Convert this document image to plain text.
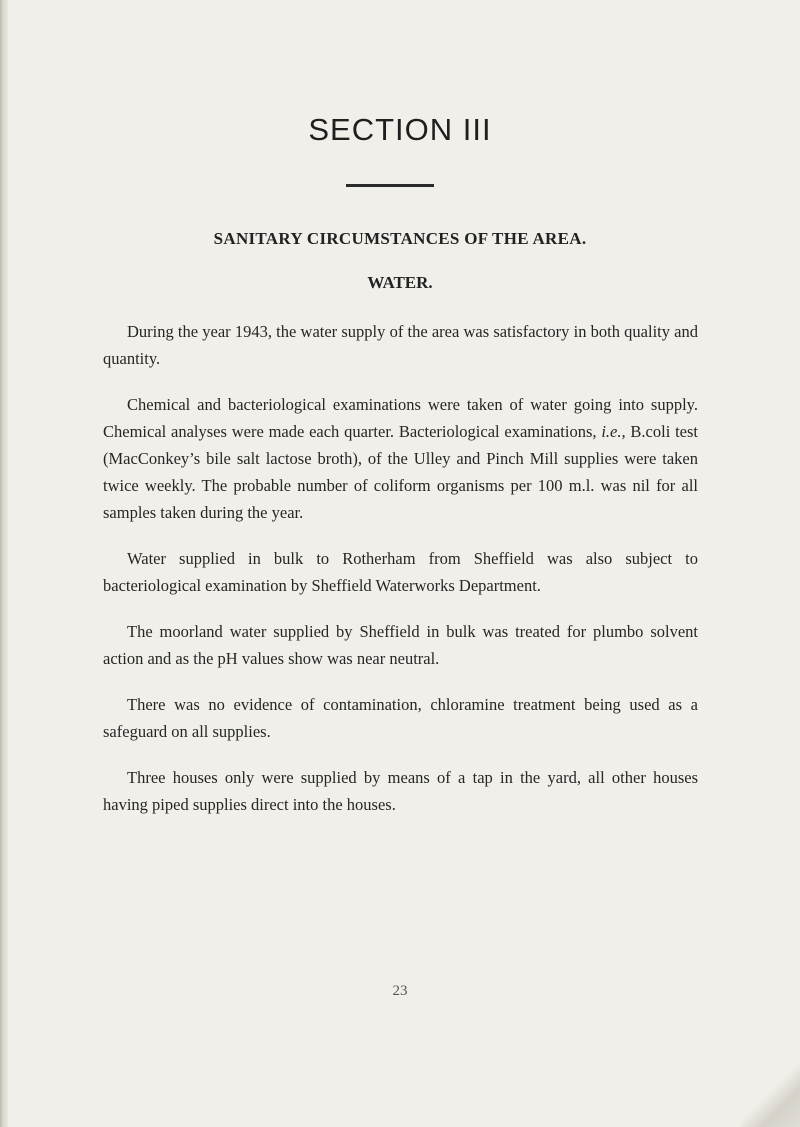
SECTION III
SANITARY CIRCUMSTANCES OF THE AREA.
WATER.

During the year 1943, the water supply of the area was satisfactory in both quality and quantity.

Chemical and bacteriological examinations were taken of water going into supply. Chemical analyses were made each quarter. Bacteriological examinations, i.e., B.coli test (MacConkey’s bile salt lactose broth), of the Ulley and Pinch Mill supplies were taken twice weekly. The probable number of coliform organisms per 100 m.l. was nil for all samples taken during the year.

Water supplied in bulk to Rotherham from Sheffield was also subject to bacteriological examination by Sheffield Waterworks Department.

The moorland water supplied by Sheffield in bulk was treated for plumbo solvent action and as the pH values show was near neutral.

There was no evidence of contamination, chloramine treatment being used as a safeguard on all supplies.

Three houses only were supplied by means of a tap in the yard, all other houses having piped supplies direct into the houses.

23
